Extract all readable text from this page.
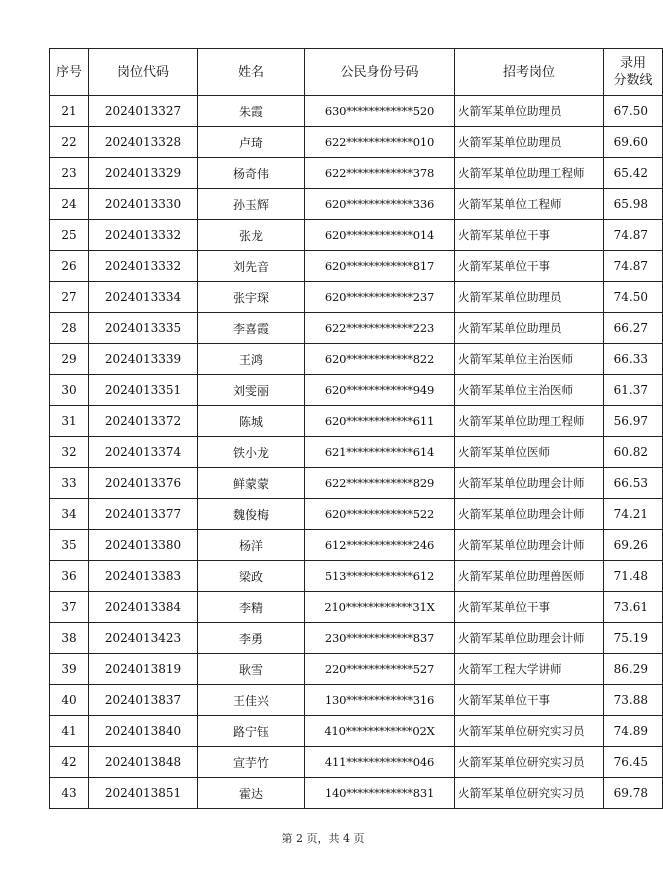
序号	岗位代码	姓名	公民身份号码	招考岗位	录用
分数线
21	2024013327	朱霞	630************520	火箭军某单位助理员	67.50
22	2024013328	卢琦	622************010	火箭军某单位助理员	69.60
23	2024013329	杨奇伟	622************378	火箭军某单位助理工程师	65.42
24	2024013330	孙玉辉	620************336	火箭军某单位工程师	65.98
25	2024013332	张龙	620************014	火箭军某单位干事	74.87
26	2024013332	刘先音	620************817	火箭军某单位干事	74.87
27	2024013334	张宇琛	620************237	火箭军某单位助理员	74.50
28	2024013335	李喜霞	622************223	火箭军某单位助理员	66.27
29	2024013339	王鸿	620************822	火箭军某单位主治医师	66.33
30	2024013351	刘雯丽	620************949	火箭军某单位主治医师	61.37
31	2024013372	陈城	620************611	火箭军某单位助理工程师	56.97
32	2024013374	铁小龙	621************614	火箭军某单位医师	60.82
33	2024013376	鲜蒙蒙	622************829	火箭军某单位助理会计师	66.53
34	2024013377	魏俊梅	620************522	火箭军某单位助理会计师	74.21
35	2024013380	杨洋	612************246	火箭军某单位助理会计师	69.26
36	2024013383	梁政	513************612	火箭军某单位助理兽医师	71.48
37	2024013384	李精	210************31X	火箭军某单位干事	73.61
38	2024013423	李勇	230************837	火箭军某单位助理会计师	75.19
39	2024013819	耿雪	220************527	火箭军工程大学讲师	86.29
40	2024013837	王佳兴	130************316	火箭军某单位干事	73.88
41	2024013840	路宁钰	410************02X	火箭军某单位研究实习员	74.89
42	2024013848	宣芋竹	411************046	火箭军某单位研究实习员	76.45
43	2024013851	霍达	140************831	火箭军某单位研究实习员	69.78
第 2 页，共 4 页
